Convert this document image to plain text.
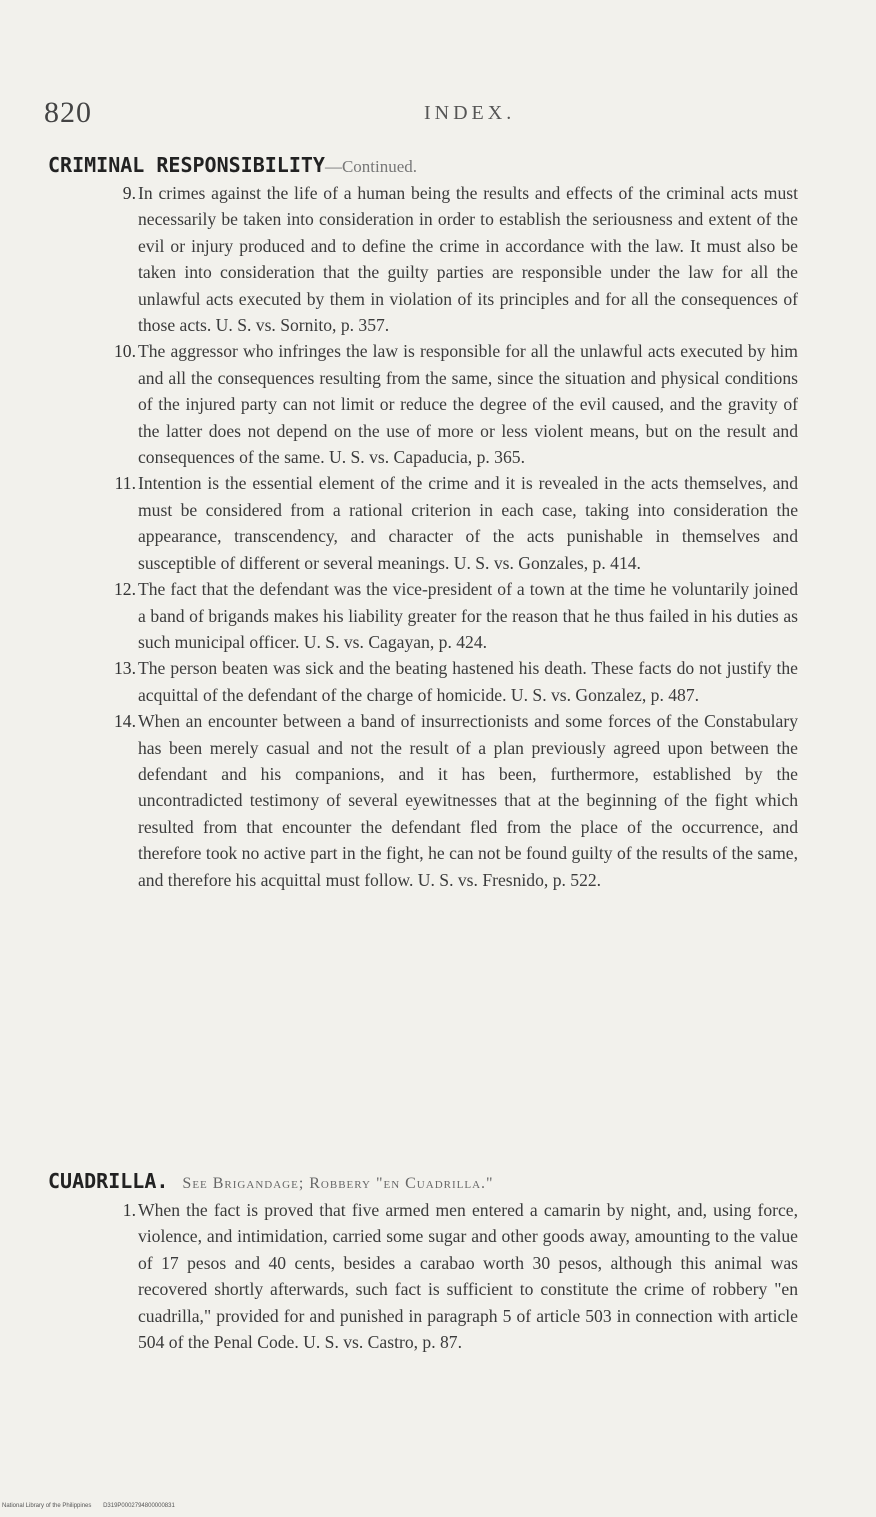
820	INDEX.
CRIMINAL RESPONSIBILITY—Continued.
9. In crimes against the life of a human being the results and effects of the criminal acts must necessarily be taken into consideration in order to establish the seriousness and extent of the evil or injury produced and to define the crime in accordance with the law. It must also be taken into consideration that the guilty parties are responsible under the law for all the unlawful acts executed by them in violation of its principles and for all the consequences of those acts. U. S. vs. Sornito, p. 357.
10. The aggressor who infringes the law is responsible for all the unlawful acts executed by him and all the consequences resulting from the same, since the situation and physical conditions of the injured party can not limit or reduce the degree of the evil caused, and the gravity of the latter does not depend on the use of more or less violent means, but on the result and consequences of the same. U. S. vs. Capaducia, p. 365.
11. Intention is the essential element of the crime and it is revealed in the acts themselves, and must be considered from a rational criterion in each case, taking into consideration the appearance, transcendency, and character of the acts punishable in themselves and susceptible of different or several meanings. U. S. vs. Gonzales, p. 414.
12. The fact that the defendant was the vice-president of a town at the time he voluntarily joined a band of brigands makes his liability greater for the reason that he thus failed in his duties as such municipal officer. U. S. vs. Cagayan, p. 424.
13. The person beaten was sick and the beating hastened his death. These facts do not justify the acquittal of the defendant of the charge of homicide. U. S. vs. Gonzalez, p. 487.
14. When an encounter between a band of insurrectionists and some forces of the Constabulary has been merely casual and not the result of a plan previously agreed upon between the defendant and his companions, and it has been, furthermore, established by the uncontradicted testimony of several eyewitnesses that at the beginning of the fight which resulted from that encounter the defendant fled from the place of the occurrence, and therefore took no active part in the fight, he can not be found guilty of the results of the same, and therefore his acquittal must follow. U. S. vs. Fresnido, p. 522.
CUADRILLA. See Brigandage; Robbery "en Cuadrilla."
1. When the fact is proved that five armed men entered a camarin by night, and, using force, violence, and intimidation, carried some sugar and other goods away, amounting to the value of 17 pesos and 40 cents, besides a carabao worth 30 pesos, although this animal was recovered shortly afterwards, such fact is sufficient to constitute the crime of robbery "en cuadrilla," provided for and punished in paragraph 5 of article 503 in connection with article 504 of the Penal Code. U. S. vs. Castro, p. 87.
National Library of the Philippines D319P0002794800000831
